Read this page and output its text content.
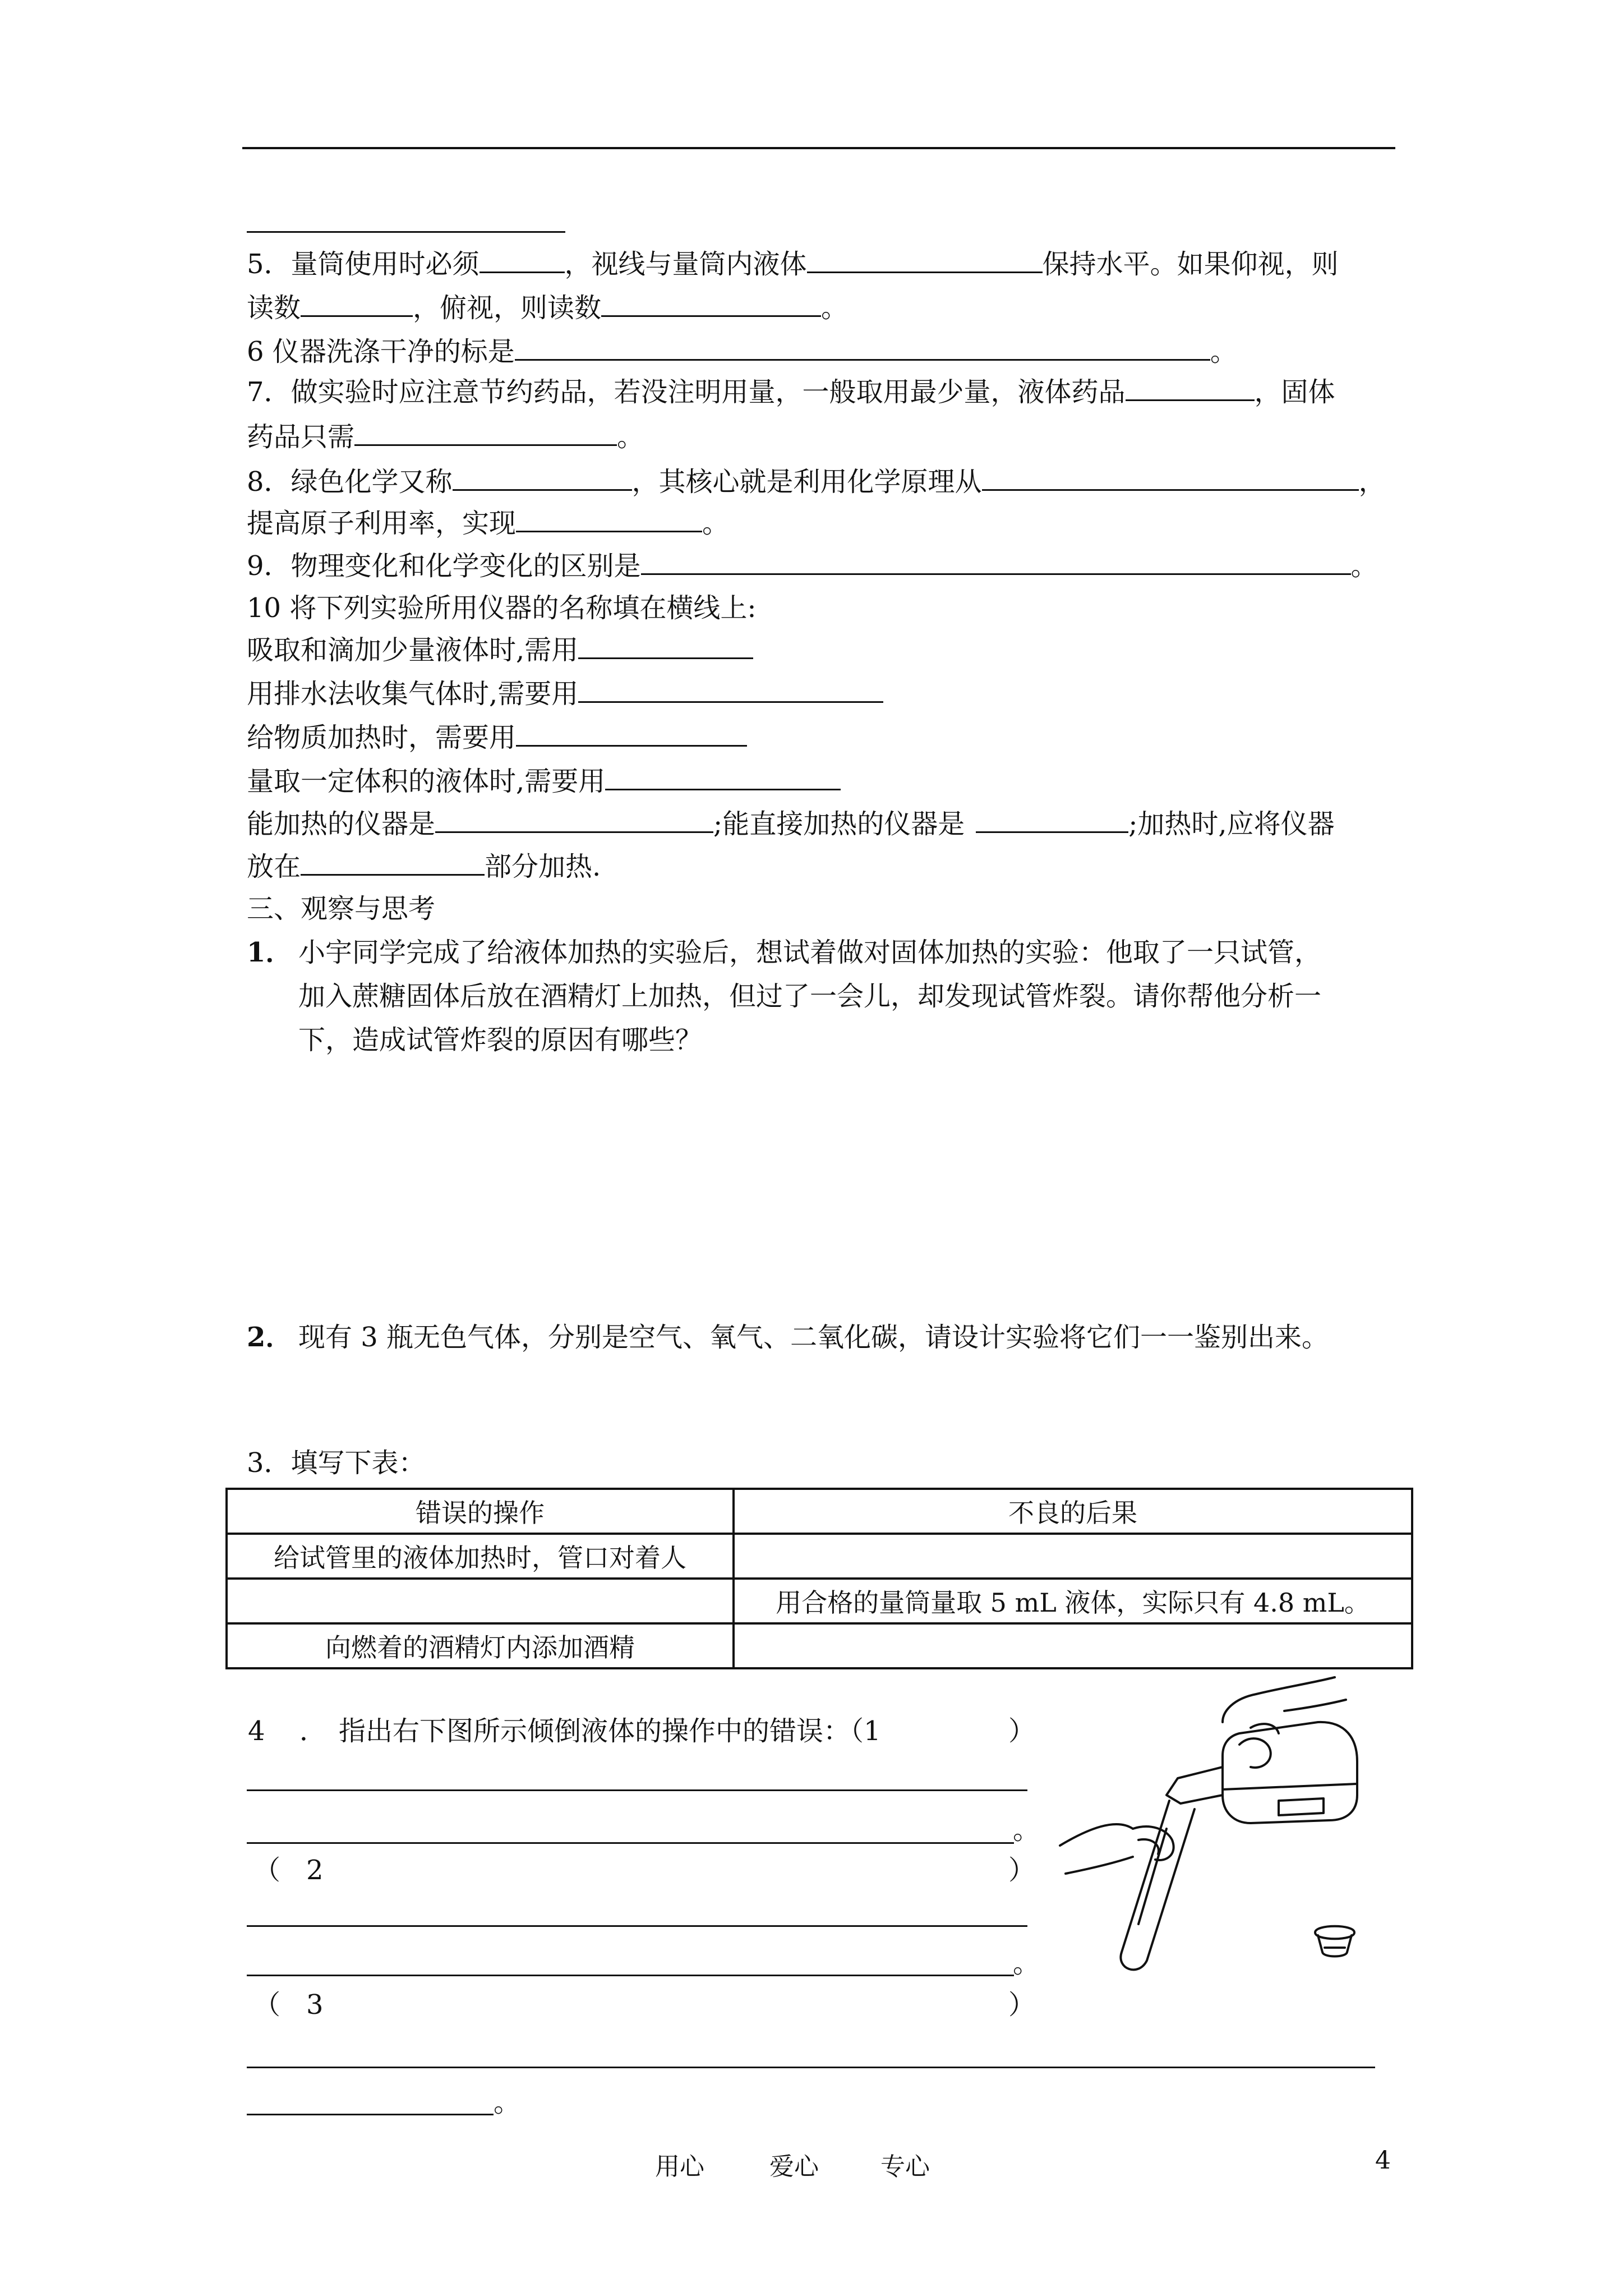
5．量筒使用时必须	，视线与量筒内液体	保持水平。如果仰视，则
读数	，俯视，则读数	。
6 仪器洗涤干净的标是	。
7．做实验时应注意节约药品，若没注明用量，一般取用最少量，液体药品	，固体
药品只需	。
8．绿色化学又称	，其核心就是利用化学原理从	，
提高原子利用率，实现	。
9．物理变化和化学变化的区别是	。
10 将下列实验所用仪器的名称填在横线上:
吸取和滴加少量液体时,需用
用排水法收集气体时,需要用
给物质加热时，需要用
量取一定体积的液体时,需要用
能加热的仪器是	;能直接加热的仪器是	;加热时,应将仪器
放在	部分加热.
三、观察与思考
1． 小宇同学完成了给液体加热的实验后，想试着做对固体加热的实验：他取了一只试管，
加入蔗糖固体后放在酒精灯上加热，但过了一会儿，却发现试管炸裂。请你帮他分析一
下，造成试管炸裂的原因有哪些？
2． 现有 3 瓶无色气体，分别是空气、氧气、二氧化碳，请设计实验将它们一一鉴别出来。
3．填写下表：
错误的操作	不良的后果
给试管里的液体加热时，管口对着人	
	用合格的量筒量取 5 mL 液体，实际只有 4.8 mL。
向燃着的酒精灯内添加酒精	
4 ． 指出右下图所示倾倒液体的操作中的错误：（1	）
。
（ 2	）
。
（ 3	）
。
用心	爱心	专心	4
